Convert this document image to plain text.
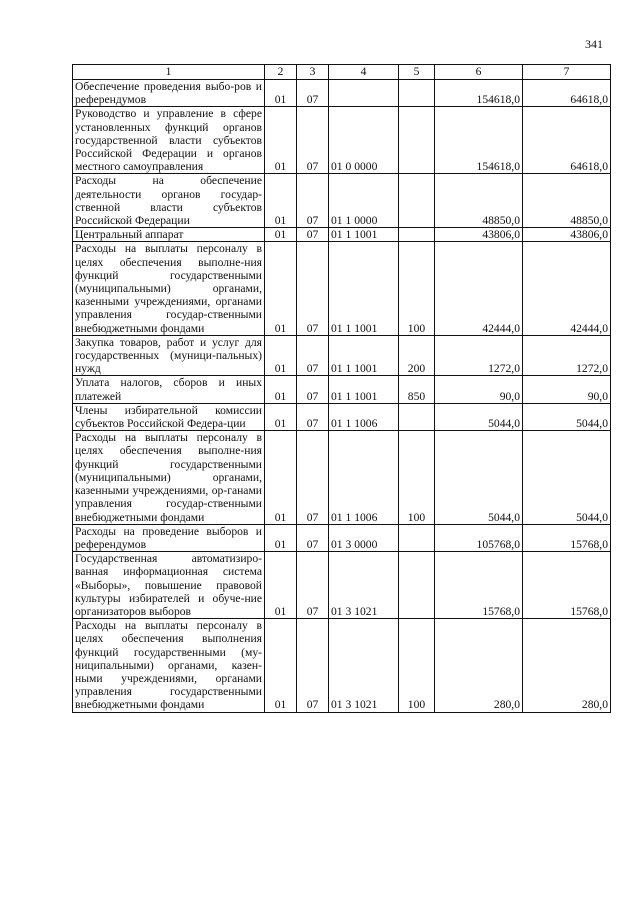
341
1	2	3	4	5	6	7
Обеспечение проведения выбо-ров и референдумов	01	07			154618,0	64618,0
Руководство и управление в сфере установленных функций органов государственной власти субъектов Российской Федерации и органов местного самоуправления	01	07	01 0 0000		154618,0	64618,0
Расходы на обеспечение деятельности органов государ-ственной власти субъектов Российской Федерации	01	07	01 1 0000		48850,0	48850,0
Центральный аппарат	01	07	01 1 1001		43806,0	43806,0
Расходы на выплаты персоналу в целях обеспечения выполне-ния функций государственными (муниципальными) органами, казенными учреждениями, органами управления государ-ственными внебюджетными фондами	01	07	01 1 1001	100	42444,0	42444,0
Закупка товаров, работ и услуг для государственных (муници-пальных) нужд	01	07	01 1 1001	200	1272,0	1272,0
Уплата налогов, сборов и иных платежей	01	07	01 1 1001	850	90,0	90,0
Члены избирательной комиссии субъектов Российской Федера-ции	01	07	01 1 1006		5044,0	5044,0
Расходы на выплаты персоналу в целях обеспечения выполне-ния функций государственными (муниципальными) органами, казенными учреждениями, ор-ганами управления государ-ственными внебюджетными фондами	01	07	01 1 1006	100	5044,0	5044,0
Расходы на проведение выборов и референдумов	01	07	01 3 0000		105768,0	15768,0
Государственная автоматизиро-ванная информационная система «Выборы», повышение правовой культуры избирателей и обуче-ние организаторов выборов	01	07	01 3 1021		15768,0	15768,0
Расходы на выплаты персоналу в целях обеспечения выполнения функций государственными (му-ниципальными) органами, казен-ными учреждениями, органами управления государственными внебюджетными фондами	01	07	01 3 1021	100	280,0	280,0
